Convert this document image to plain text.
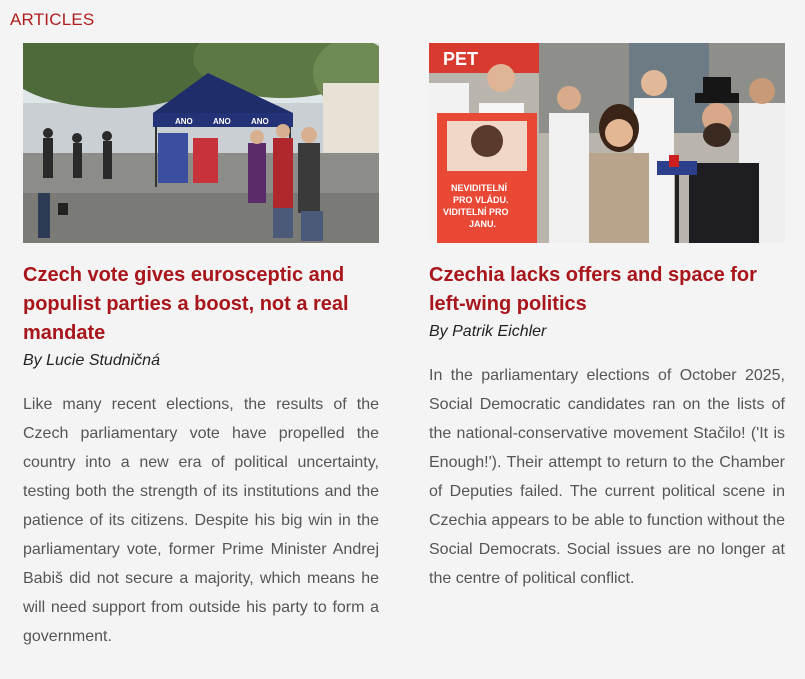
ARTICLES
ANO	ANO	ANO
Czech vote gives eurosceptic and populist parties a boost, not a real mandate

By Lucie Studničná

Like many recent elections, the results of the Czech parliamentary vote have propelled the country into a new era of political uncertainty, testing both the strength of its institutions and the patience of its citizens. Despite his big win in the parliamentary vote, former Prime Minister Andrej Babiš did not secure a majority, which means he will need support from outside his party to form a government.

PET
NEVIDITELNÍ
PRO VLÁDU.
VIDITELNÍ PRO
JANU.
Czechia lacks offers and space for left-wing politics

By Patrik Eichler

In the parliamentary elections of October 2025, Social Democratic candidates ran on the lists of the national-conservative movement Stačilo! ('It is Enough!'). Their attempt to return to the Chamber of Deputies failed. The current political scene in Czechia appears to be able to function without the Social Democrats. Social issues are no longer at the centre of political conflict.
